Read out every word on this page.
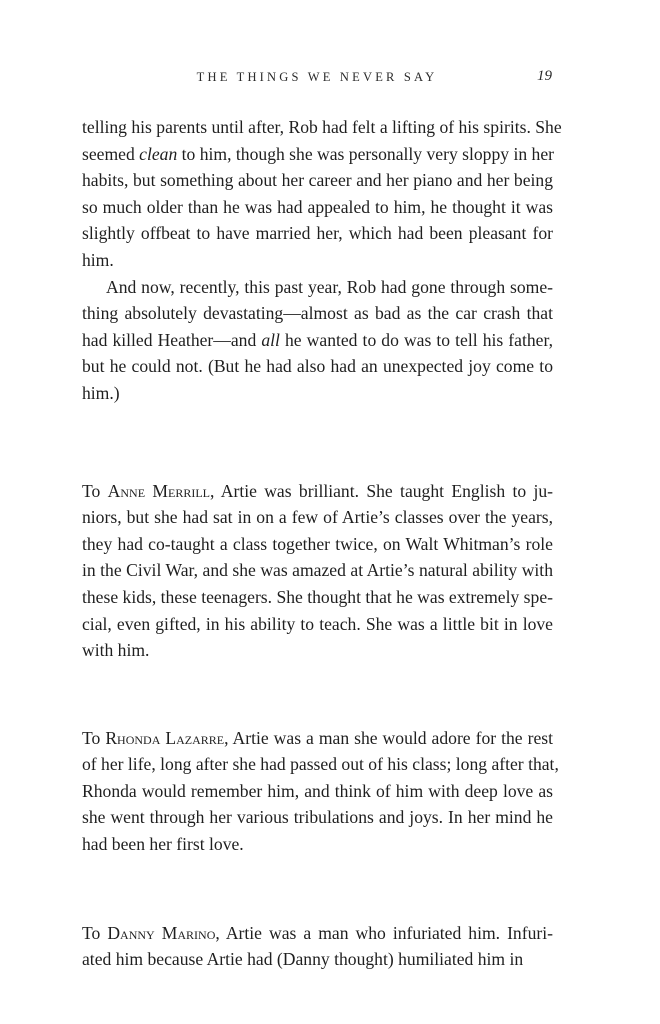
THE THINGS WE NEVER SAY	19
telling his parents until after, Rob had felt a lifting of his spirits. She
seemed clean to him, though she was personally very sloppy in her
habits, but something about her career and her piano and her being
so much older than he was had appealed to him, he thought it was
slightly offbeat to have married her, which had been pleasant for
him.
And now, recently, this past year, Rob had gone through some-
thing absolutely devastating—almost as bad as the car crash that
had killed Heather—and all he wanted to do was to tell his father,
but he could not. (But he had also had an unexpected joy come to
him.)
To Anne Merrill, Artie was brilliant. She taught English to ju-
niors, but she had sat in on a few of Artie’s classes over the years,
they had co-taught a class together twice, on Walt Whitman’s role
in the Civil War, and she was amazed at Artie’s natural ability with
these kids, these teenagers. She thought that he was extremely spe-
cial, even gifted, in his ability to teach. She was a little bit in love
with him.
To Rhonda Lazarre, Artie was a man she would adore for the rest
of her life, long after she had passed out of his class; long after that,
Rhonda would remember him, and think of him with deep love as
she went through her various tribulations and joys. In her mind he
had been her first love.
To Danny Marino, Artie was a man who infuriated him. Infuri-
ated him because Artie had (Danny thought) humiliated him in
